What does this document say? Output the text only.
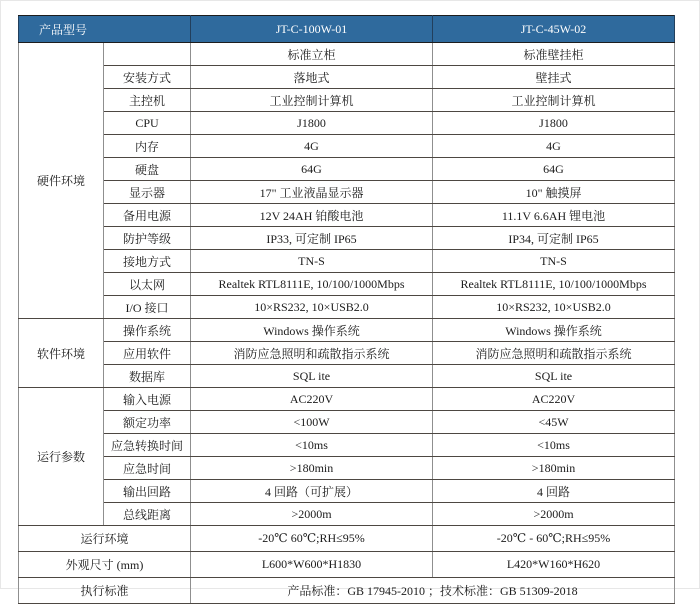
产品型号		JT-C-100W-01	JT-C-45W-02
硬件环境		标准立柜	标准壁挂柜
	安装方式	落地式	壁挂式
	主控机	工业控制计算机	工业控制计算机
	CPU	J1800	J1800
	内存	4G	4G
	硬盘	64G	64G
	显示器	17" 工业液晶显示器	10" 触摸屏
	备用电源	12V 24AH 铂酸电池	11.1V 6.6AH 锂电池
	防护等级	IP33, 可定制 IP65	IP34, 可定制 IP65
	接地方式	TN-S	TN-S
	以太网	Realtek RTL8111E, 10/100/1000Mbps	Realtek RTL8111E, 10/100/1000Mbps
	I/O 接口	10×RS232, 10×USB2.0	10×RS232, 10×USB2.0
软件环境	操作系统	Windows 操作系统	Windows 操作系统
	应用软件	消防应急照明和疏散指示系统	消防应急照明和疏散指示系统
	数据库	SQL ite	SQL ite
运行参数	输入电源	AC220V	AC220V
	额定功率	<100W	<45W
	应急转换时间	<10ms	<10ms
	应急时间	>180min	>180min
	输出回路	4 回路（可扩展）	4 回路
	总线距离	>2000m	>2000m
运行环境		-20℃ 60℃;RH≤95%	-20℃ - 60℃;RH≤95%
外观尺寸 (mm)		L600*W600*H1830	L420*W160*H620
执行标准		产品标准：GB 17945-2010 ；技术标准：GB 51309-2018	
